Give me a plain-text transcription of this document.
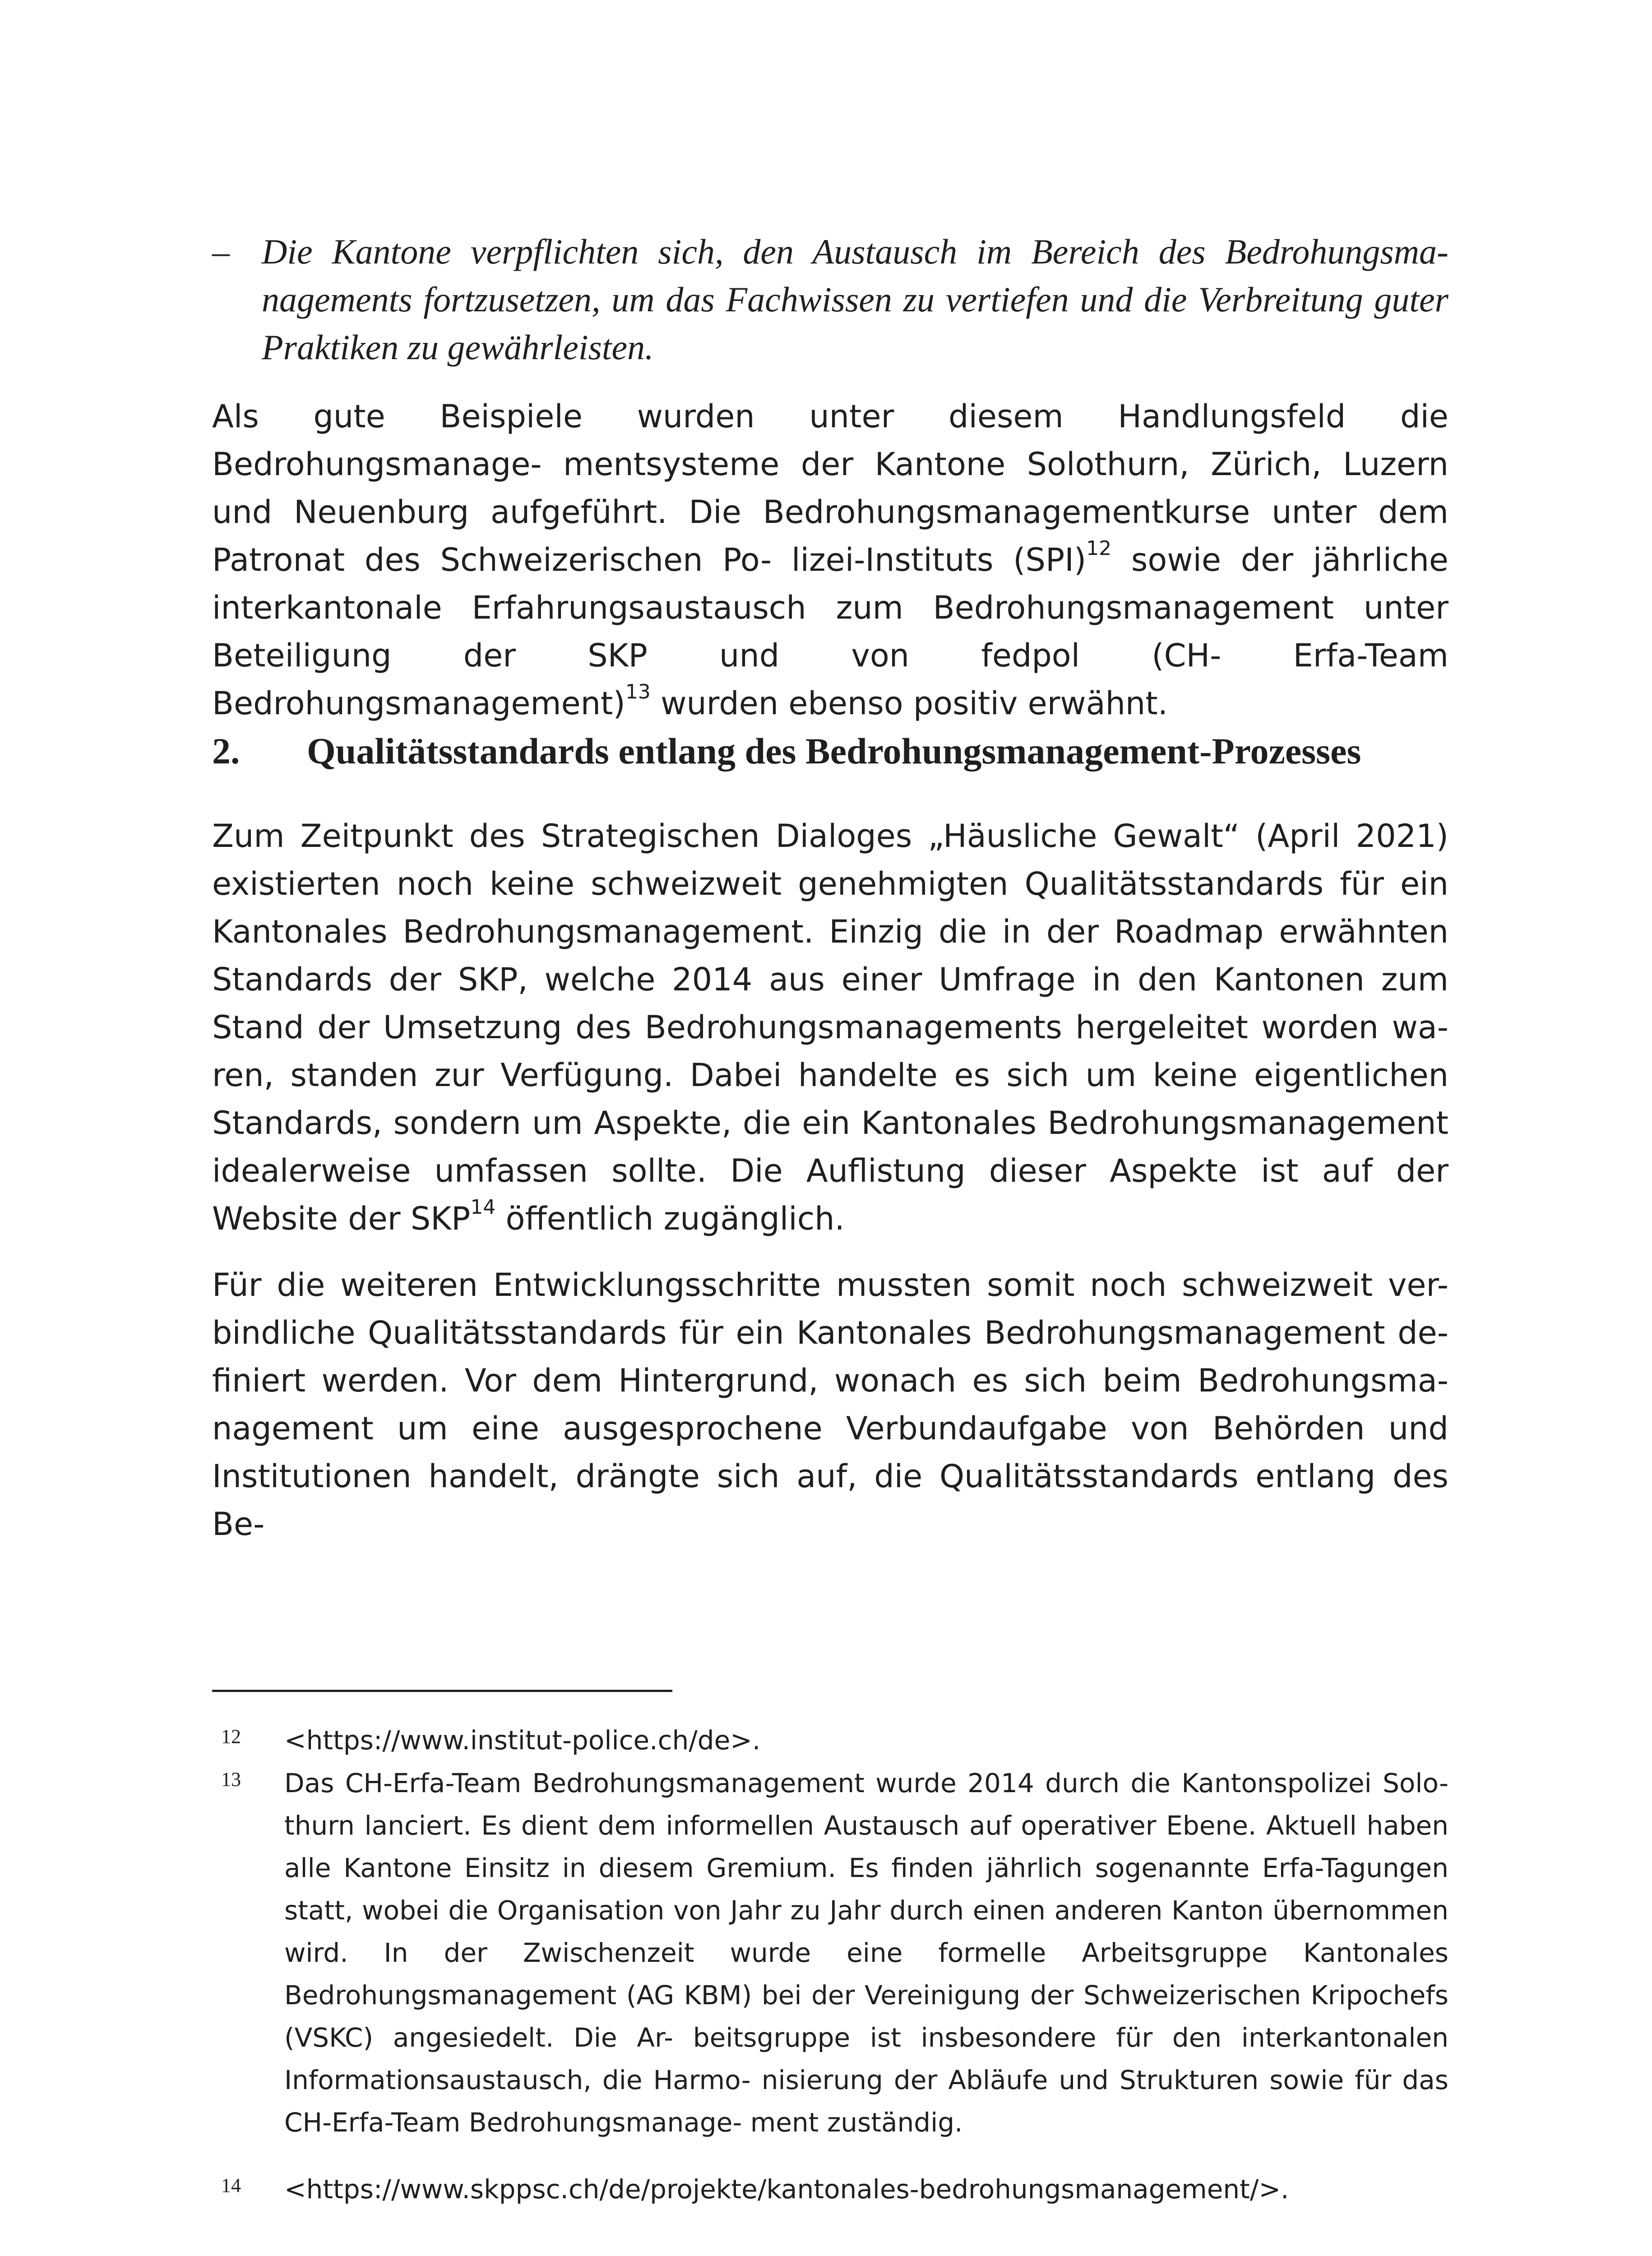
– Die Kantone verpflichten sich, den Austausch im Bereich des Bedrohungsma- nagements fortzusetzen, um das Fachwissen zu vertiefen und die Verbreitung guter Praktiken zu gewährleisten.
Als gute Beispiele wurden unter diesem Handlungsfeld die Bedrohungsmanage- mentsysteme der Kantone Solothurn, Zürich, Luzern und Neuenburg aufgeführt. Die Bedrohungsmanagementkurse unter dem Patronat des Schweizerischen Po- lizei-Instituts (SPI)$^{12}$ sowie der jährliche interkantonale Erfahrungsaustausch zum Bedrohungsmanagement unter Beteiligung der SKP und von fedpol (CH- Erfa-Team Bedrohungsmanagement)$^{13}$ wurden ebenso positiv erwähnt.
2. Qualitätsstandards entlang des Bedrohungsmanagement-Prozesses
Zum Zeitpunkt des Strategischen Dialoges „Häusliche Gewalt“ (April 2021) existierten noch keine schweizweit genehmigten Qualitätsstandards für ein Kantonales Bedrohungsmanagement. Einzig die in der Roadmap erwähnten Standards der SKP, welche 2014 aus einer Umfrage in den Kantonen zum Stand der Umsetzung des Bedrohungsmanagements hergeleitet worden wa- ren, standen zur Verfügung. Dabei handelte es sich um keine eigentlichen Standards, sondern um Aspekte, die ein Kantonales Bedrohungsmanagement idealerweise umfassen sollte. Die Auflistung dieser Aspekte ist auf der Website der SKP$^{14}$ öffentlich zugänglich.
Für die weiteren Entwicklungsschritte mussten somit noch schweizweit ver- bindliche Qualitätsstandards für ein Kantonales Bedrohungsmanagement de- finiert werden. Vor dem Hintergrund, wonach es sich beim Bedrohungsma- nagement um eine ausgesprochene Verbundaufgabe von Behörden und Institutionen handelt, drängte sich auf, die Qualitätsstandards entlang des Be-
12 <https://www.institut-police.ch/de>.
13 Das CH-Erfa-Team Bedrohungsmanagement wurde 2014 durch die Kantonspolizei Solo- thurn lanciert. Es dient dem informellen Austausch auf operativer Ebene. Aktuell haben alle Kantone Einsitz in diesem Gremium. Es finden jährlich sogenannte Erfa-Tagungen statt, wobei die Organisation von Jahr zu Jahr durch einen anderen Kanton übernommen wird. In der Zwischenzeit wurde eine formelle Arbeitsgruppe Kantonales Bedrohungsmanagement (AG KBM) bei der Vereinigung der Schweizerischen Kripochefs (VSKC) angesiedelt. Die Ar- beitsgruppe ist insbesondere für den interkantonalen Informationsaustausch, die Harmo- nisierung der Abläufe und Strukturen sowie für das CH-Erfa-Team Bedrohungsmanage- ment zuständig.
14 <https://www.skppsc.ch/de/projekte/kantonales-bedrohungsmanagement/>.
